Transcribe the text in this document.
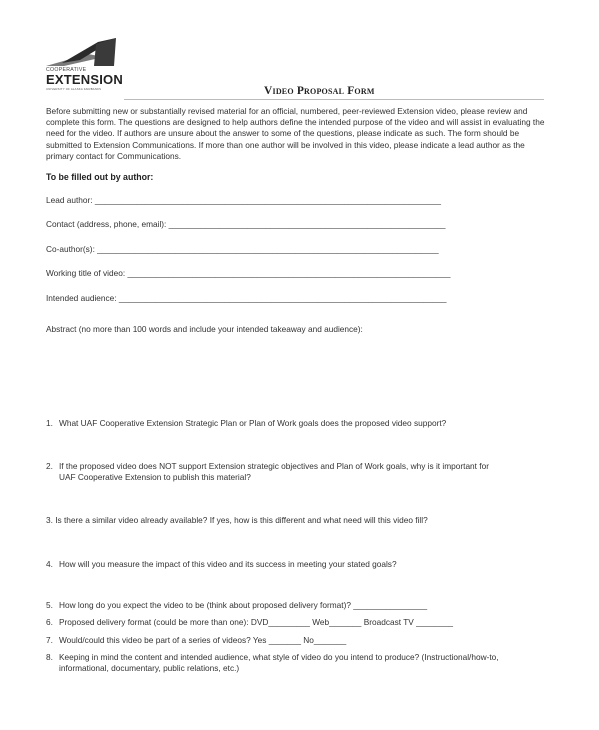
COOPERATIVE
EXTENSION
UNIVERSITY OF ALASKA FAIRBANKS	Video Proposal Form
Before submitting new or substantially revised material for an official, numbered, peer-reviewed Extension video, please review and complete this form. The questions are designed to help authors define the intended purpose of the video and will assist in evaluating the need for the video. If authors are unsure about the answer to some of the questions, please indicate as such. The form should be submitted to Extension Communications. If more than one author will be involved in this video, please indicate a lead author as the primary contact for Communications.
To be filled out by author:
Lead author: ___________________________________________________________________________
Contact (address, phone, email): ____________________________________________________________
Co-author(s): __________________________________________________________________________
Working title of video: ______________________________________________________________________
Intended audience: _______________________________________________________________________
Abstract (no more than 100 words and include your intended takeaway and audience):
1. What UAF Cooperative Extension Strategic Plan or Plan of Work goals does the proposed video support?
2. If the proposed video does NOT support Extension strategic objectives and Plan of Work goals, why is it important for
UAF Cooperative Extension to publish this material?
3. Is there a similar video already available? If yes, how is this different and what need will this video fill?
4. How will you measure the impact of this video and its success in meeting your stated goals?
5. How long do you expect the video to be (think about proposed delivery format)? ________________
6. Proposed delivery format (could be more than one): DVD_________ Web_______ Broadcast TV ________
7. Would/could this video be part of a series of videos? Yes _______ No_______
8. Keeping in mind the content and intended audience, what style of video do you intend to produce? (Instructional/how-to,
informational, documentary, public relations, etc.)
